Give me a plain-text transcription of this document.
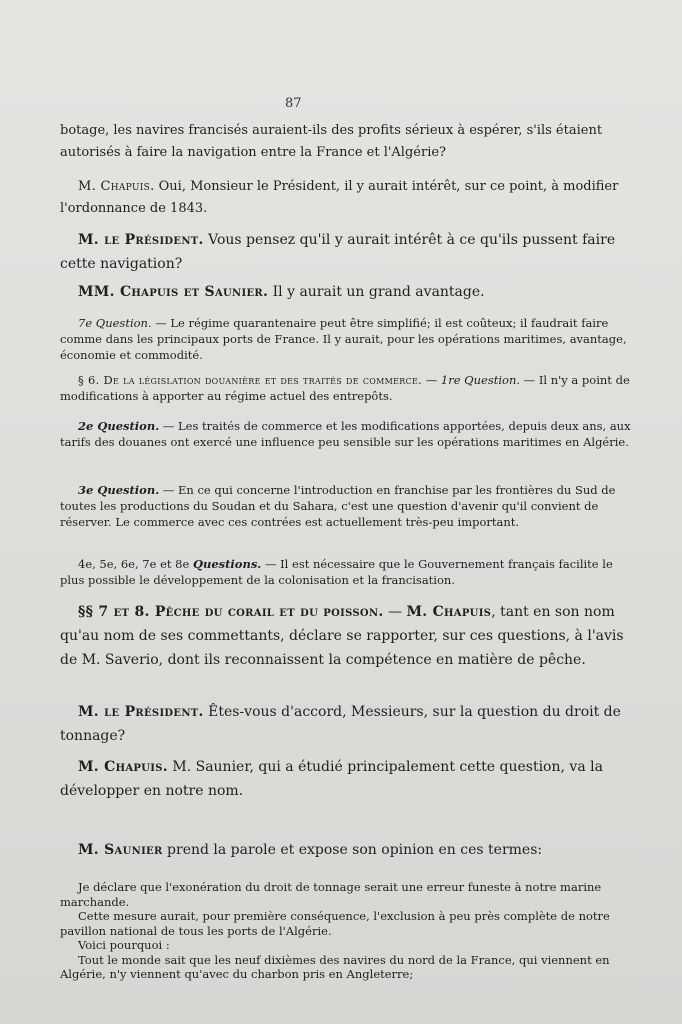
87

botage, les navires francisés auraient-ils des profits sérieux à espérer, s'ils étaient autorisés à faire la navigation entre la France et l'Algérie?

M. Chapuis. Oui, Monsieur le Président, il y aurait intérêt, sur ce point, à modifier l'ordonnance de 1843.

M. le Président. Vous pensez qu'il y aurait intérêt à ce qu'ils pussent faire cette navigation?

MM. Chapuis et Saunier. Il y aurait un grand avantage.

7e Question. — Le régime quarantenaire peut être simplifié; il est coûteux; il faudrait faire comme dans les principaux ports de France. Il y aurait, pour les opérations maritimes, avantage, économie et commodité.

§ 6. De la législation douanière et des traités de commerce. — 1re Question. — Il n'y a point de modifications à apporter au régime actuel des entrepôts.

2e Question. — Les traités de commerce et les modifications apportées, depuis deux ans, aux tarifs des douanes ont exercé une influence peu sensible sur les opérations maritimes en Algérie.

3e Question. — En ce qui concerne l'introduction en franchise par les frontières du Sud de toutes les productions du Soudan et du Sahara, c'est une question d'avenir qu'il convient de réserver. Le commerce avec ces contrées est actuellement très-peu important.

4e, 5e, 6e, 7e et 8e Questions. — Il est nécessaire que le Gouvernement français facilite le plus possible le développement de la colonisation et la francisation.

§§ 7 et 8. Pêche du corail et du poisson. — M. Chapuis, tant en son nom qu'au nom de ses commettants, déclare se rapporter, sur ces questions, à l'avis de M. Saverio, dont ils reconnaissent la compétence en matière de pêche.

M. le Président. Êtes-vous d'accord, Messieurs, sur la question du droit de tonnage?

M. Chapuis. M. Saunier, qui a étudié principalement cette question, va la développer en notre nom.

M. Saunier prend la parole et expose son opinion en ces termes:

Je déclare que l'exonération du droit de tonnage serait une erreur funeste à notre marine marchande.
Cette mesure aurait, pour première conséquence, l'exclusion à peu près complète de notre pavillon national de tous les ports de l'Algérie.
Voici pourquoi :
Tout le monde sait que les neuf dixièmes des navires du nord de la France, qui viennent en Algérie, n'y viennent qu'avec du charbon pris en Angleterre;
